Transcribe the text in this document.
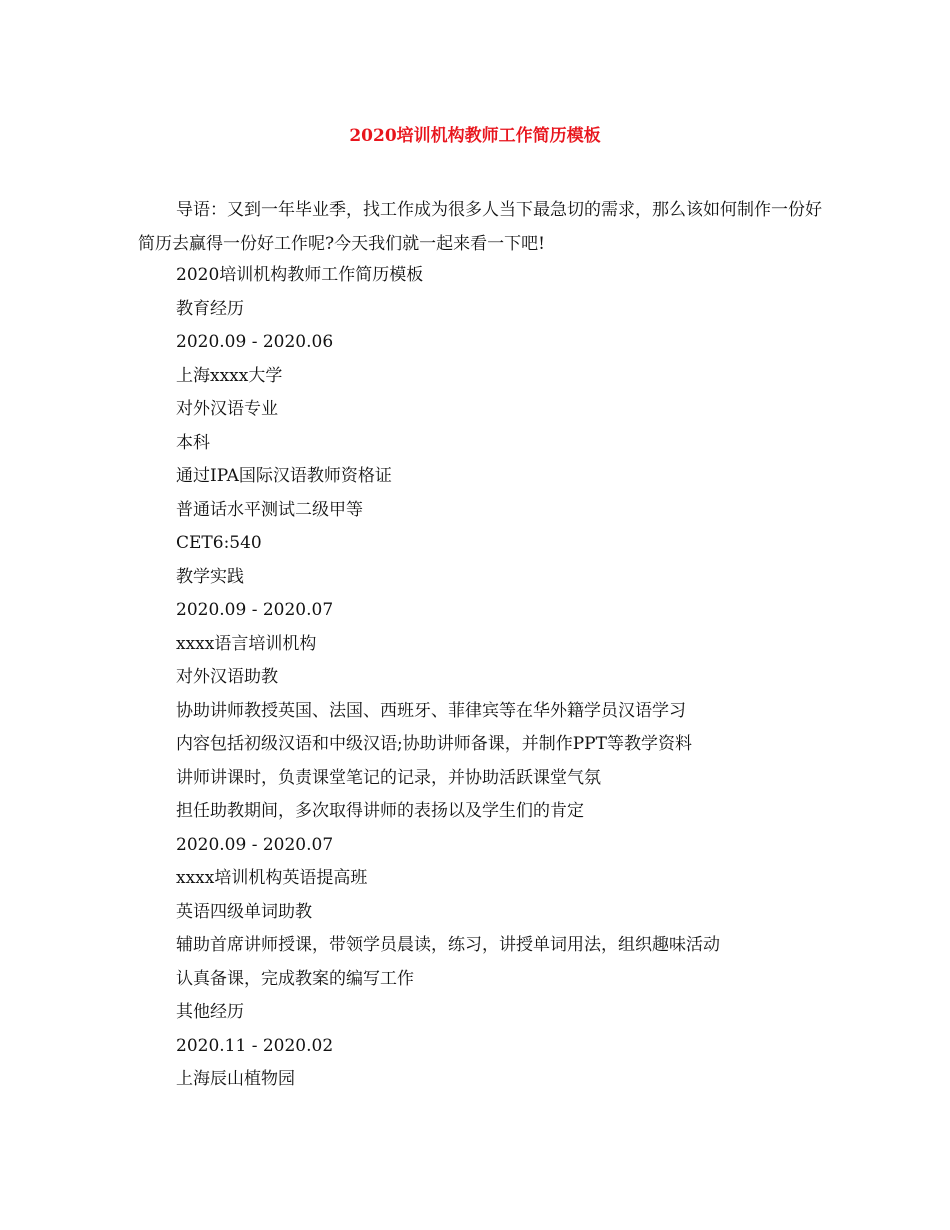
2020培训机构教师工作简历模板

导语：又到一年毕业季，找工作成为很多人当下最急切的需求，那么该如何制作一份好简历去赢得一份好工作呢?今天我们就一起来看一下吧!

2020培训机构教师工作简历模板
教育经历
2020.09 - 2020.06
上海xxxx大学
对外汉语专业
本科
通过IPA国际汉语教师资格证
普通话水平测试二级甲等
CET6:540
教学实践
2020.09 - 2020.07
xxxx语言培训机构
对外汉语助教
协助讲师教授英国、法国、西班牙、菲律宾等在华外籍学员汉语学习
内容包括初级汉语和中级汉语;协助讲师备课，并制作PPT等教学资料
讲师讲课时，负责课堂笔记的记录，并协助活跃课堂气氛
担任助教期间，多次取得讲师的表扬以及学生们的肯定
2020.09 - 2020.07
xxxx培训机构英语提高班
英语四级单词助教
辅助首席讲师授课，带领学员晨读，练习，讲授单词用法，组织趣味活动
认真备课，完成教案的编写工作
其他经历
2020.11 - 2020.02
上海辰山植物园
